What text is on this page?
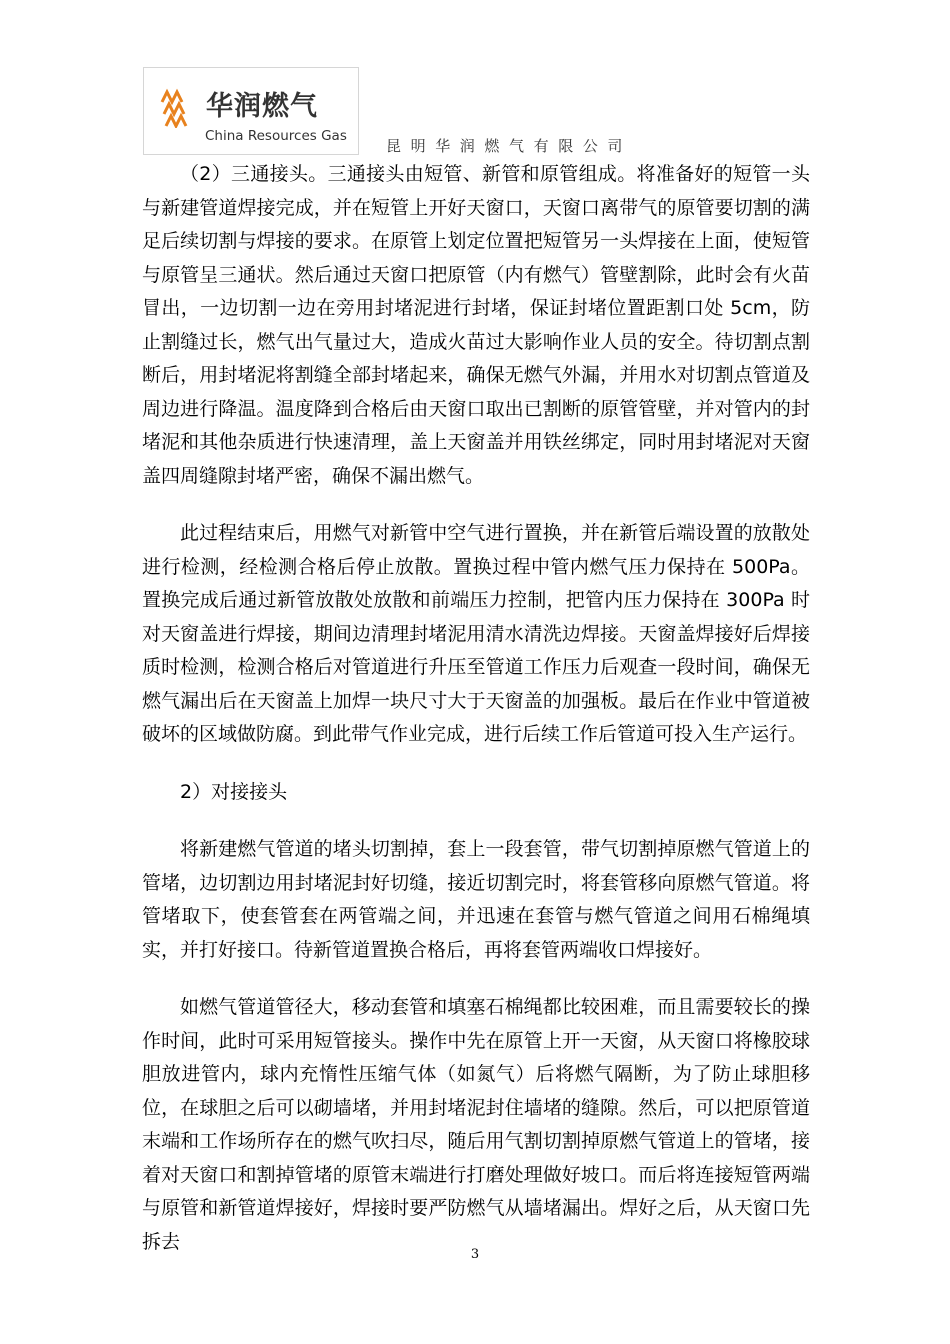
华润燃气
China Resources Gas
昆明华润燃气有限公司

（2）三通接头。三通接头由短管、新管和原管组成。将准备好的短管一头与新建管道焊接完成，并在短管上开好天窗口，天窗口离带气的原管要切割的满足后续切割与焊接的要求。在原管上划定位置把短管另一头焊接在上面，使短管与原管呈三通状。然后通过天窗口把原管（内有燃气）管壁割除，此时会有火苗冒出，一边切割一边在旁用封堵泥进行封堵，保证封堵位置距割口处 5cm，防止割缝过长，燃气出气量过大，造成火苗过大影响作业人员的安全。待切割点割断后，用封堵泥将割缝全部封堵起来，确保无燃气外漏，并用水对切割点管道及周边进行降温。温度降到合格后由天窗口取出已割断的原管管壁，并对管内的封堵泥和其他杂质进行快速清理，盖上天窗盖并用铁丝绑定，同时用封堵泥对天窗盖四周缝隙封堵严密，确保不漏出燃气。

此过程结束后，用燃气对新管中空气进行置换，并在新管后端设置的放散处进行检测，经检测合格后停止放散。置换过程中管内燃气压力保持在 500Pa。置换完成后通过新管放散处放散和前端压力控制，把管内压力保持在 300Pa 时对天窗盖进行焊接，期间边清理封堵泥用清水清洗边焊接。天窗盖焊接好后焊接质时检测，检测合格后对管道进行升压至管道工作压力后观查一段时间，确保无燃气漏出后在天窗盖上加焊一块尺寸大于天窗盖的加强板。最后在作业中管道被破坏的区域做防腐。到此带气作业完成，进行后续工作后管道可投入生产运行。

2）对接接头

将新建燃气管道的堵头切割掉，套上一段套管，带气切割掉原燃气管道上的管堵，边切割边用封堵泥封好切缝，接近切割完时，将套管移向原燃气管道。将管堵取下，使套管套在两管端之间，并迅速在套管与燃气管道之间用石棉绳填实，并打好接口。待新管道置换合格后，再将套管两端收口焊接好。

如燃气管道管径大，移动套管和填塞石棉绳都比较困难，而且需要较长的操作时间，此时可采用短管接头。操作中先在原管上开一天窗，从天窗口将橡胶球胆放进管内，球内充惰性压缩气体（如氮气）后将燃气隔断，为了防止球胆移位，在球胆之后可以砌墙堵，并用封堵泥封住墙堵的缝隙。然后，可以把原管道末端和工作场所存在的燃气吹扫尽，随后用气割切割掉原燃气管道上的管堵，接着对天窗口和割掉管堵的原管末端进行打磨处理做好坡口。而后将连接短管两端与原管和新管道焊接好，焊接时要严防燃气从墙堵漏出。焊好之后，从天窗口先拆去

3
